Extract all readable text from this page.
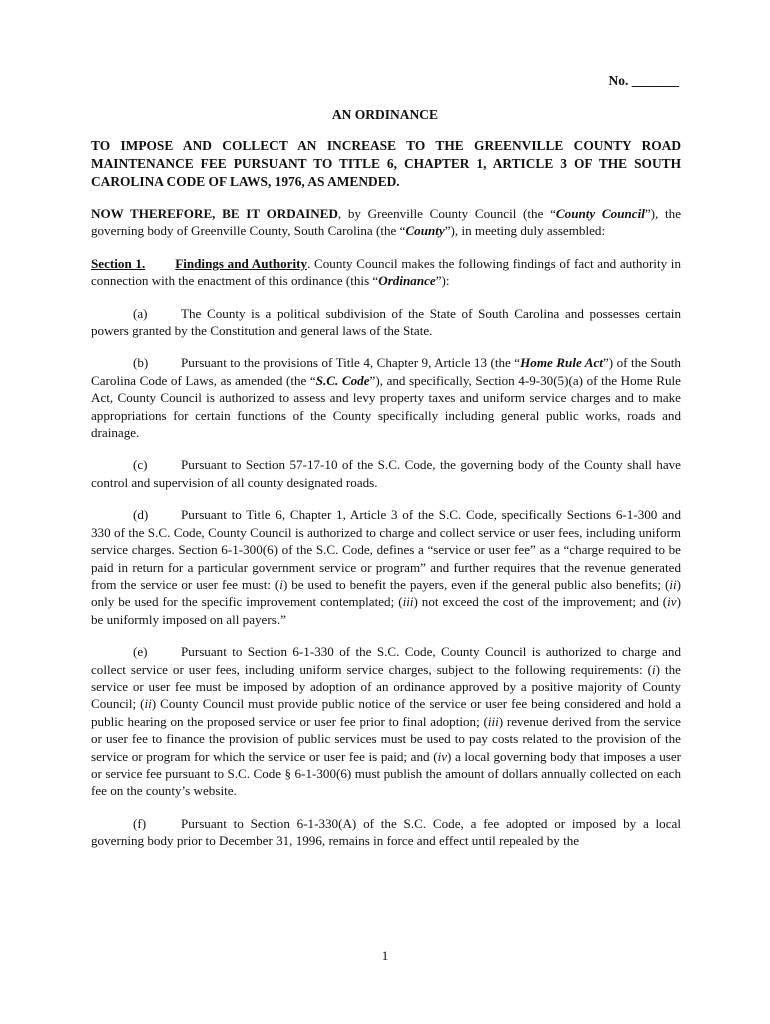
No. _______
AN ORDINANCE
TO IMPOSE AND COLLECT AN INCREASE TO THE GREENVILLE COUNTY ROAD MAINTENANCE FEE PURSUANT TO TITLE 6, CHAPTER 1, ARTICLE 3 OF THE SOUTH CAROLINA CODE OF LAWS, 1976, AS AMENDED.

NOW THEREFORE, BE IT ORDAINED, by Greenville County Council (the “County Council”), the governing body of Greenville County, South Carolina (the “County”), in meeting duly assembled:

Section 1. Findings and Authority. County Council makes the following findings of fact and authority in connection with the enactment of this ordinance (this “Ordinance”):

(a)	The County is a political subdivision of the State of South Carolina and possesses certain powers granted by the Constitution and general laws of the State.

(b) Pursuant to the provisions of Title 4, Chapter 9, Article 13 (the “Home Rule Act”) of the South Carolina Code of Laws, as amended (the “S.C. Code”), and specifically, Section 4-9-30(5)(a) of the Home Rule Act, County Council is authorized to assess and levy property taxes and uniform service charges and to make appropriations for certain functions of the County specifically including general public works, roads and drainage.

(c)	Pursuant to Section 57-17-10 of the S.C. Code, the governing body of the County shall have control and supervision of all county designated roads.

(d) Pursuant to Title 6, Chapter 1, Article 3 of the S.C. Code, specifically Sections 6-1-300 and 330 of the S.C. Code, County Council is authorized to charge and collect service or user fees, including uniform service charges. Section 6-1-300(6) of the S.C. Code, defines a “service or user fee” as a “charge required to be paid in return for a particular government service or program” and further requires that the revenue generated from the service or user fee must: (i) be used to benefit the payers, even if the general public also benefits; (ii) only be used for the specific improvement contemplated; (iii) not exceed the cost of the improvement; and (iv) be uniformly imposed on all payers.”

(e)	Pursuant to Section 6-1-330 of the S.C. Code, County Council is authorized to charge and collect service or user fees, including uniform service charges, subject to the following requirements: (i) the service or user fee must be imposed by adoption of an ordinance approved by a positive majority of County Council; (ii) County Council must provide public notice of the service or user fee being considered and hold a public hearing on the proposed service or user fee prior to final adoption; (iii) revenue derived from the service or user fee to finance the provision of public services must be used to pay costs related to the provision of the service or program for which the service or user fee is paid; and (iv) a local governing body that imposes a user or service fee pursuant to S.C. Code § 6-1-300(6) must publish the amount of dollars annually collected on each fee on the county’s website.

(f)	Pursuant to Section 6-1-330(A) of the S.C. Code, a fee adopted or imposed by a local governing body prior to December 31, 1996, remains in force and effect until repealed by the

1
